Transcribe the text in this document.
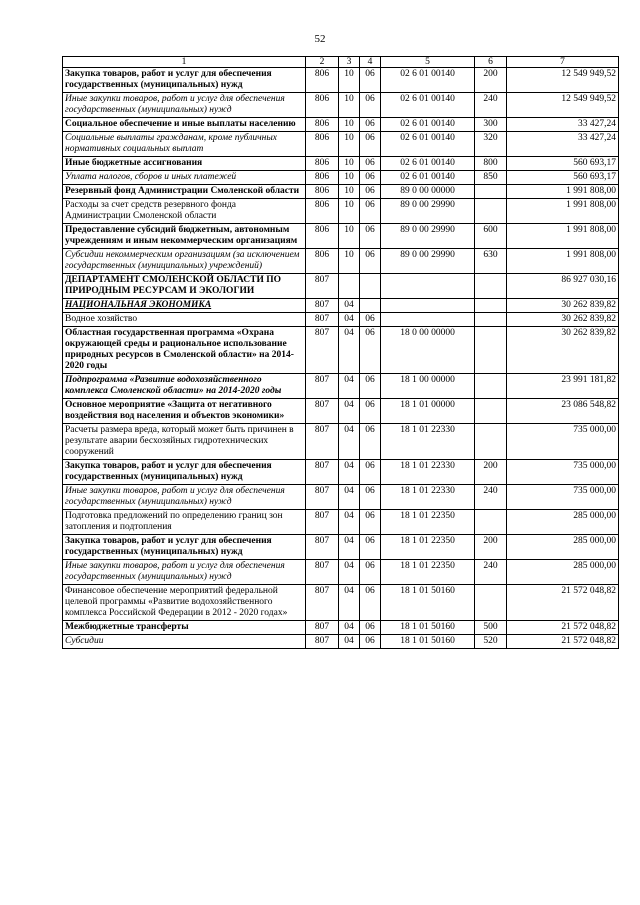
52
1	2	3	4	5	6	7
Закупка товаров, работ и услуг для обеспечения государственных (муниципальных) нужд	806	10	06	02 6 01 00140	200	12 549 949,52
Иные закупки товаров, работ и услуг для обеспечения государственных (муниципальных) нужд	806	10	06	02 6 01 00140	240	12 549 949,52
Социальное обеспечение и иные выплаты населению	806	10	06	02 6 01 00140	300	33 427,24
Социальные выплаты гражданам, кроме публичных нормативных социальных выплат	806	10	06	02 6 01 00140	320	33 427,24
Иные бюджетные ассигнования	806	10	06	02 6 01 00140	800	560 693,17
Уплата налогов, сборов и иных платежей	806	10	06	02 6 01 00140	850	560 693,17
Резервный фонд Администрации Смоленской области	806	10	06	89 0 00 00000		1 991 808,00
Расходы за счет средств резервного фонда Администрации Смоленской области	806	10	06	89 0 00 29990		1 991 808,00
Предоставление субсидий бюджетным, автономным учреждениям и иным некоммерческим организациям	806	10	06	89 0 00 29990	600	1 991 808,00
Субсидии некоммерческим организациям (за исключением государственных (муниципальных) учреждений)	806	10	06	89 0 00 29990	630	1 991 808,00
ДЕПАРТАМЕНТ СМОЛЕНСКОЙ ОБЛАСТИ ПО ПРИРОДНЫМ РЕСУРСАМ И ЭКОЛОГИИ	807					86 927 030,16
НАЦИОНАЛЬНАЯ ЭКОНОМИКА	807	04				30 262 839,82
Водное хозяйство	807	04	06			30 262 839,82
Областная государственная программа «Охрана окружающей среды и рациональное использование природных ресурсов в Смоленской области» на 2014-2020 годы	807	04	06	18 0 00 00000		30 262 839,82
Подпрограмма «Развитие водохозяйственного комплекса Смоленской области» на 2014-2020 годы	807	04	06	18 1 00 00000		23 991 181,82
Основное мероприятие «Защита от негативного воздействия вод населения и объектов экономики»	807	04	06	18 1 01 00000		23 086 548,82
Расчеты размера вреда, который может быть причинен в результате аварии бесхозяйных гидротехнических сооружений	807	04	06	18 1 01 22330		735 000,00
Закупка товаров, работ и услуг для обеспечения государственных (муниципальных) нужд	807	04	06	18 1 01 22330	200	735 000,00
Иные закупки товаров, работ и услуг для обеспечения государственных (муниципальных) нужд	807	04	06	18 1 01 22330	240	735 000,00
Подготовка предложений по определению границ зон затопления и подтопления	807	04	06	18 1 01 22350		285 000,00
Закупка товаров, работ и услуг для обеспечения государственных (муниципальных) нужд	807	04	06	18 1 01 22350	200	285 000,00
Иные закупки товаров, работ и услуг для обеспечения государственных (муниципальных) нужд	807	04	06	18 1 01 22350	240	285 000,00
Финансовое обеспечение мероприятий федеральной целевой программы «Развитие водохозяйственного комплекса Российской Федерации в 2012 - 2020 годах»	807	04	06	18 1 01 50160		21 572 048,82
Межбюджетные трансферты	807	04	06	18 1 01 50160	500	21 572 048,82
Субсидии	807	04	06	18 1 01 50160	520	21 572 048,82
